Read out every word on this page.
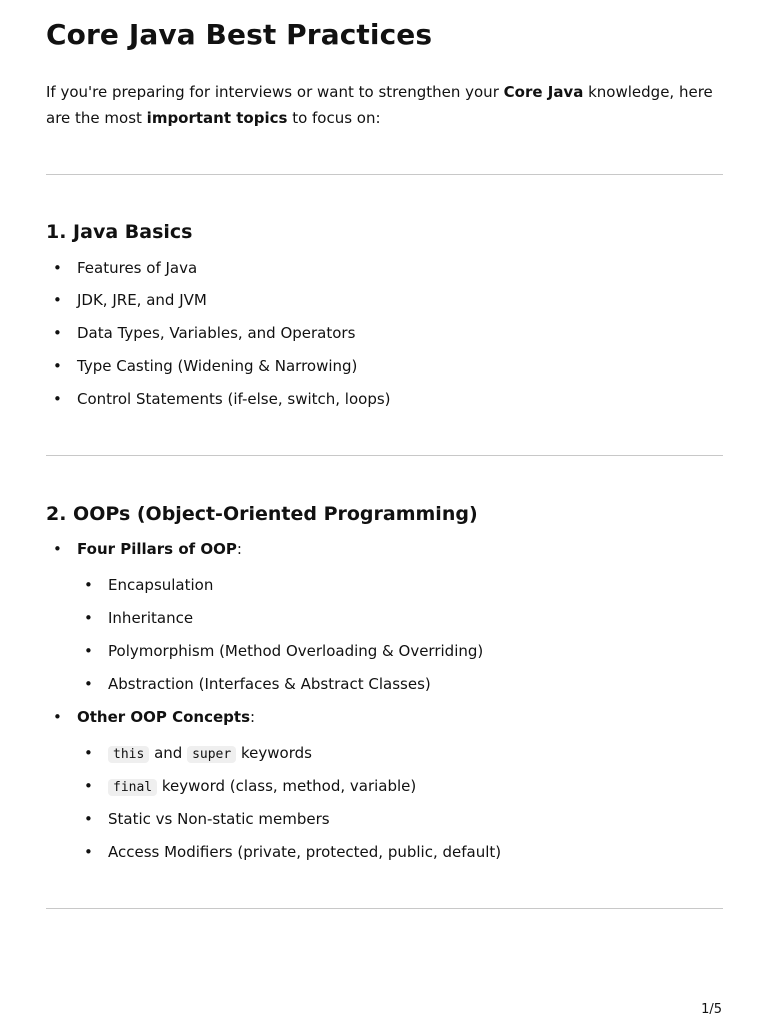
Core Java Best Practices

If you're preparing for interviews or want to strengthen your Core Java knowledge, here are the most important topics to focus on:

1. Java Basics
• Features of Java
• JDK, JRE, and JVM
• Data Types, Variables, and Operators
• Type Casting (Widening & Narrowing)
• Control Statements (if-else, switch, loops)
2. OOPs (Object-Oriented Programming)
• Four Pillars of OOP:
• Encapsulation
• Inheritance
• Polymorphism (Method Overloading & Overriding)
• Abstraction (Interfaces & Abstract Classes)
• Other OOP Concepts:
• this and super keywords
• final keyword (class, method, variable)
• Static vs Non-static members
• Access Modifiers (private, protected, public, default)
1/5
